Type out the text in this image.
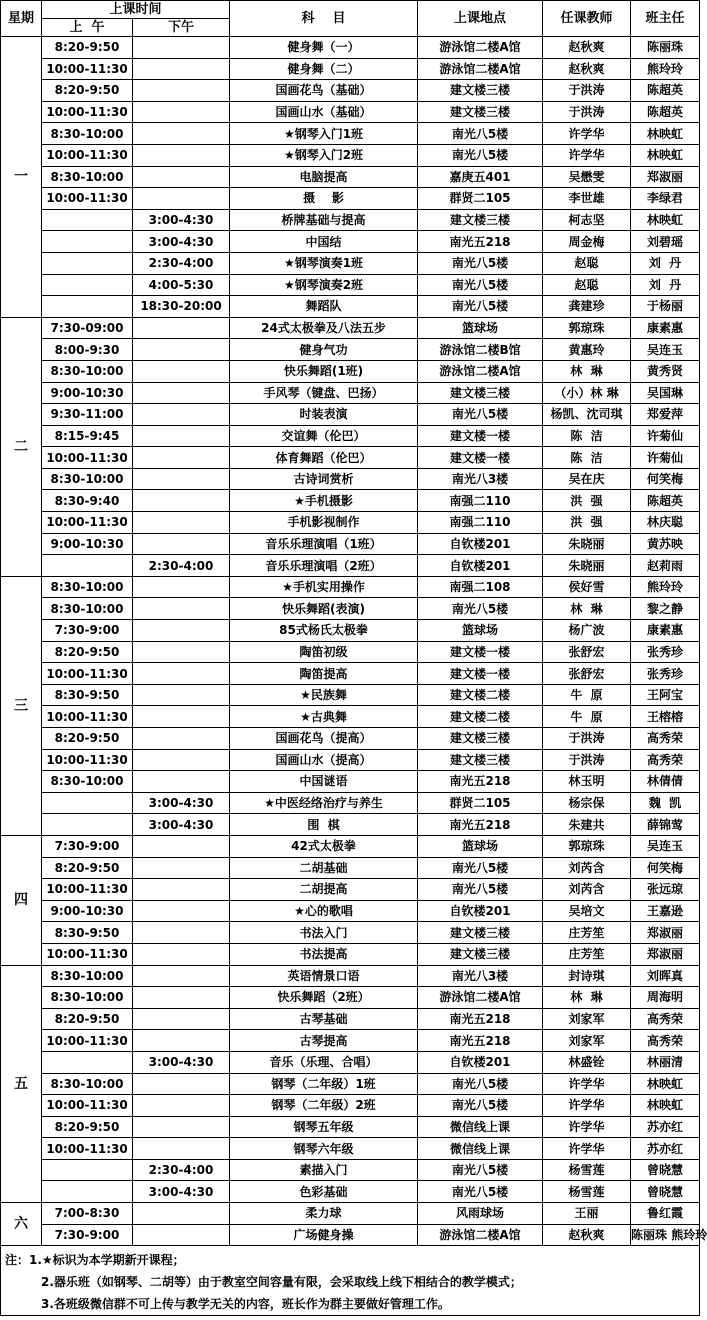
星期	上课时间		科    目	上课地点	任课教师	班主任
	上  午	下午				
一	8:20-9:50		健身舞（一）	游泳馆二楼A馆	赵秋爽	陈丽珠
	10:00-11:30		健身舞（二）	游泳馆二楼A馆	赵秋爽	熊玲玲
	8:20-9:50		国画花鸟（基础）	建文楼三楼	于洪涛	陈超英
	10:00-11:30		国画山水（基础）	建文楼三楼	于洪涛	陈超英
	8:30-10:00		★钢琴入门1班	南光八5楼	许学华	林映虹
	10:00-11:30		★钢琴入门2班	南光八5楼	许学华	林映虹
	8:30-10:00		电脑提高	嘉庚五401	吴懋雯	郑淑丽
	10:00-11:30		摄    影	群贤二105	李世雄	李绿君
		3:00-4:30	桥牌基础与提高	建文楼三楼	柯志坚	林映虹
		3:00-4:30	中国结	南光五218	周金梅	刘碧瑶
		2:30-4:00	★钢琴演奏1班	南光八5楼	赵聪	刘  丹
		4:00-5:30	★钢琴演奏2班	南光八5楼	赵聪	刘  丹
		18:30-20:00	舞蹈队	南光八5楼	龚建珍	于杨丽
二	7:30-09:00		24式太极拳及八法五步	篮球场	郭琼珠	康素惠
	8:00-9:30		健身气功	游泳馆二楼B馆	黄惠玲	吴连玉
	8:30-10:00		快乐舞蹈(1班)	游泳馆二楼A馆	林  琳	黄秀贤
	9:00-10:30		手风琴（键盘、巴扬）	建文楼三楼	（小）林 琳	吴国琳
	9:30-11:00		时装表演	南光八5楼	杨凯、沈司琪	郑爱萍
	8:15-9:45		交谊舞（伦巴）	建文楼一楼	陈  洁	许菊仙
	10:00-11:30		体育舞蹈（伦巴）	建文楼一楼	陈  洁	许菊仙
	8:30-10:00		古诗词赏析	南光八3楼	吴在庆	何笑梅
	8:30-9:40		★手机摄影	南强二110	洪  强	陈超英
	10:00-11:30		手机影视制作	南强二110	洪  强	林庆聪
	9:00-10:30		音乐乐理演唱（1班）	自钦楼201	朱晓丽	黄苏映
		2:30-4:00	音乐乐理演唱（2班）	自钦楼201	朱晓丽	赵莉雨
三	8:30-10:00		★手机实用操作	南强二108	侯好雪	熊玲玲
	8:30-10:00		快乐舞蹈(表演)	南光八5楼	林  琳	黎之静
	7:30-9:00		85式杨氏太极拳	篮球场	杨广波	康素惠
	8:20-9:50		陶笛初级	建文楼一楼	张舒宏	张秀珍
	10:00-11:30		陶笛提高	建文楼一楼	张舒宏	张秀珍
	8:30-9:50		★民族舞	建文楼二楼	牛  原	王阿宝
	10:00-11:30		★古典舞	建文楼二楼	牛  原	王榕榕
	8:20-9:50		国画花鸟（提高）	建文楼三楼	于洪涛	高秀荣
	10:00-11:30		国画山水（提高）	建文楼三楼	于洪涛	高秀荣
	8:30-10:00		中国谜语	南光五218	林玉明	林倩倩
		3:00-4:30	★中医经络治疗与养生	群贤二105	杨宗保	魏  凯
		3:00-4:30	围  棋	南光五218	朱建共	薛锦莺
四	7:30-9:00		42式太极拳	篮球场	郭琼珠	吴连玉
	8:20-9:50		二胡基础	南光八5楼	刘芮含	何笑梅
	10:00-11:30		二胡提高	南光八5楼	刘芮含	张远琼
	9:00-10:30		★心的歌唱	自钦楼201	吴培文	王嘉逊
	8:30-9:50		书法入门	建文楼三楼	庄芳笙	郑淑丽
	10:00-11:30		书法提高	建文楼三楼	庄芳笙	郑淑丽
五	8:30-10:00		英语情景口语	南光八3楼	封诗琪	刘晖真
	8:30-10:00		快乐舞蹈（2班）	游泳馆二楼A馆	林  琳	周海明
	8:20-9:50		古琴基础	南光五218	刘家军	高秀荣
	10:00-11:30		古琴提高	南光五218	刘家军	高秀荣
		3:00-4:30	音乐（乐理、合唱）	自钦楼201	林盛铨	林丽清
	8:30-10:00		钢琴（二年级）1班	南光八5楼	许学华	林映虹
	10:00-11:30		钢琴（二年级）2班	南光八5楼	许学华	林映虹
	8:20-9:50		钢琴五年级	微信线上课	许学华	苏亦红
	10:00-11:30		钢琴六年级	微信线上课	许学华	苏亦红
		2:30-4:00	素描入门	南光八5楼	杨雪莲	曾晓慧
		3:00-4:30	色彩基础	南光八5楼	杨雪莲	曾晓慧
六	7:00-8:30		柔力球	风雨球场	王丽	鲁红霞
	7:30-9:00		广场健身操	游泳馆二楼A馆	赵秋爽	陈丽珠 熊玲玲

注：1.★标识为本学期新开课程；
2.器乐班（如钢琴、二胡等）由于教室空间容量有限，会采取线上线下相结合的教学模式；
3.各班级微信群不可上传与教学无关的内容，班长作为群主要做好管理工作。						
